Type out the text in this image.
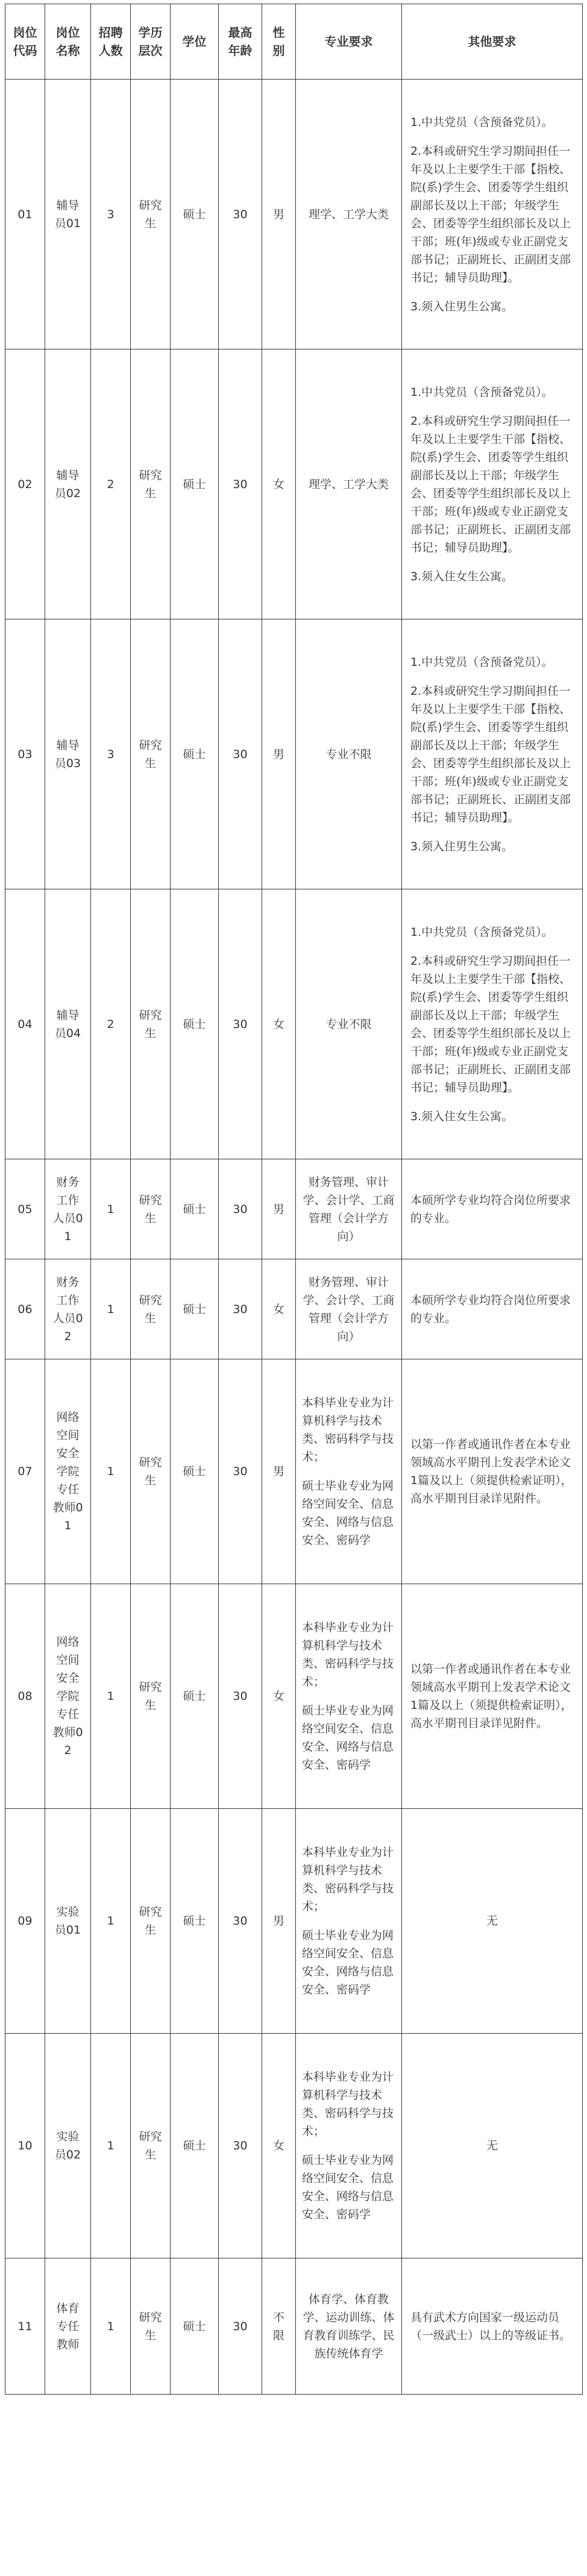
岗位代码	岗位名称	招聘人数	学历层次	学位	最高年龄	性别	专业要求	其他要求
01	辅导员01	3	研究生	硕士	30	男	理学、工学大类	1.中共党员（含预备党员）。
2.本科或研究生学习期间担任一年及以上主要学生干部【指校、院(系)学生会、团委等学生组织副部长及以上干部；年级学生会、团委等学生组织部长及以上干部；班(年)级或专业正副党支部书记；正副班长、正副团支部书记；辅导员助理】。
3.须入住男生公寓。

02	辅导员02	2	研究生	硕士	30	女	理学、工学大类	1.中共党员（含预备党员）。
2.本科或研究生学习期间担任一年及以上主要学生干部【指校、院(系)学生会、团委等学生组织副部长及以上干部；年级学生会、团委等学生组织部长及以上干部；班(年)级或专业正副党支部书记；正副班长、正副团支部书记；辅导员助理】。
3.须入住女生公寓。

03	辅导员03	3	研究生	硕士	30	男	专业不限	1.中共党员（含预备党员）。
2.本科或研究生学习期间担任一年及以上主要学生干部【指校、院(系)学生会、团委等学生组织副部长及以上干部；年级学生会、团委等学生组织部长及以上干部；班(年)级或专业正副党支部书记；正副班长、正副团支部书记；辅导员助理】。
3.须入住男生公寓。

04	辅导员04	2	研究生	硕士	30	女	专业不限	1.中共党员（含预备党员）。
2.本科或研究生学习期间担任一年及以上主要学生干部【指校、院(系)学生会、团委等学生组织副部长及以上干部；年级学生会、团委等学生组织部长及以上干部；班(年)级或专业正副党支部书记；正副班长、正副团支部书记；辅导员助理】。
3.须入住女生公寓。

05	财务工作人员01	1	研究生	硕士	30	男	财务管理、审计学、会计学、工商管理（会计学方向）	本硕所学专业均符合岗位所要求的专业。

06	财务工作人员02	1	研究生	硕士	30	女	财务管理、审计学、会计学、工商管理（会计学方向）	本硕所学专业均符合岗位所要求的专业。

07	网络空间安全学院专任教师01	1	研究生	硕士	30	男	本科毕业专业为计算机科学与技术类、密码科学与技术；
硕士毕业专业为网络空间安全、信息安全、网络与信息安全、密码学	以第一作者或通讯作者在本专业领域高水平期刊上发表学术论文1篇及以上（须提供检索证明），高水平期刊目录详见附件。

08	网络空间安全学院专任教师02	1	研究生	硕士	30	女	本科毕业专业为计算机科学与技术类、密码科学与技术；
硕士毕业专业为网络空间安全、信息安全、网络与信息安全、密码学	以第一作者或通讯作者在本专业领域高水平期刊上发表学术论文1篇及以上（须提供检索证明），高水平期刊目录详见附件。

09	实验员01	1	研究生	硕士	30	男	本科毕业专业为计算机科学与技术类、密码科学与技术；
硕士毕业专业为网络空间安全、信息安全、网络与信息安全、密码学	无

10	实验员02	1	研究生	硕士	30	女	本科毕业专业为计算机科学与技术类、密码科学与技术；
硕士毕业专业为网络空间安全、信息安全、网络与信息安全、密码学	无

11	体育专任教师	1	研究生	硕士	30	不限	体育学、体育教学、运动训练、体育教育训练学、民族传统体育学	具有武术方向国家一级运动员（一级武士）以上的等级证书。
